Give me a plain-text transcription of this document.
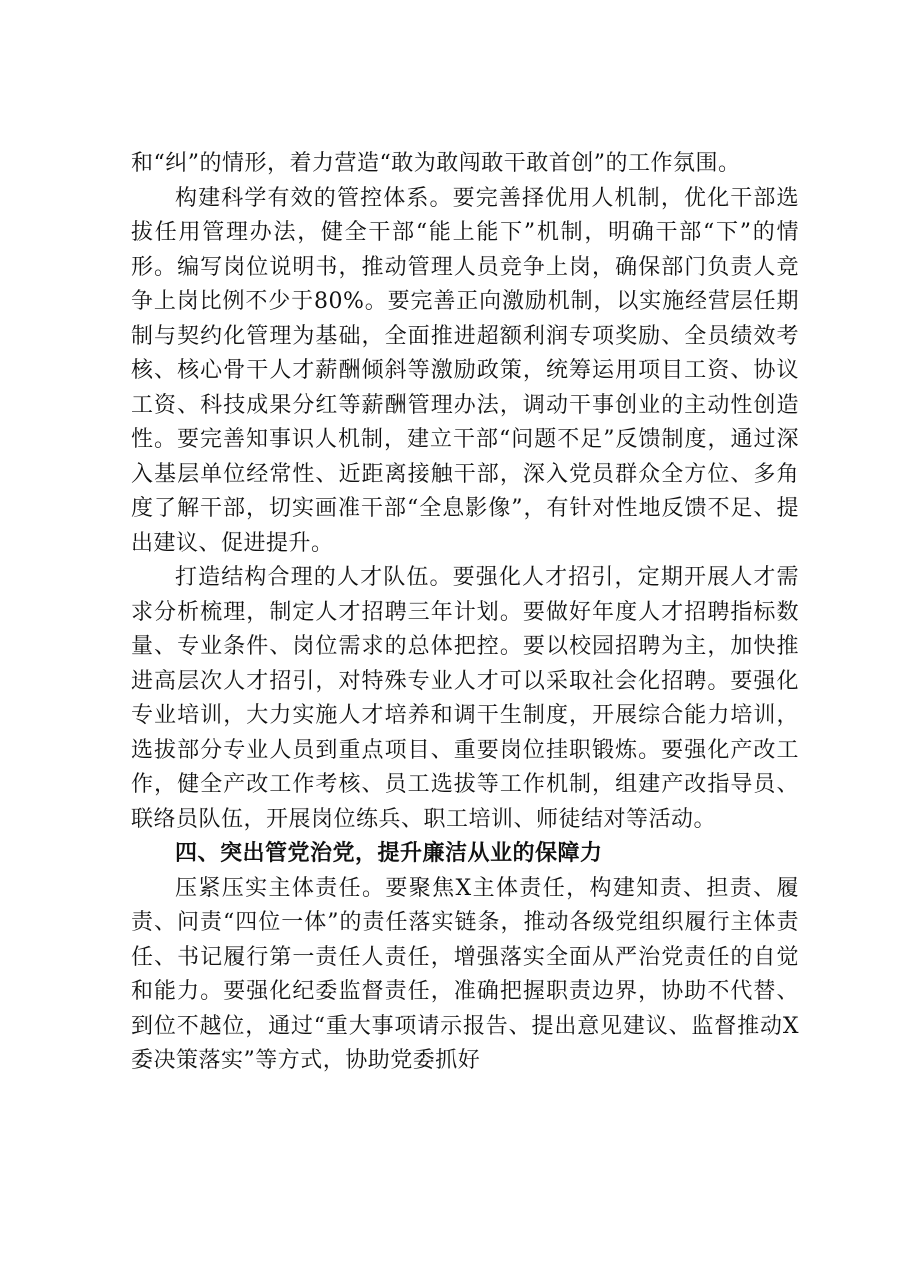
和“纠”的情形，着力营造“敢为敢闯敢干敢首创”的工作氛围。

构建科学有效的管控体系。要完善择优用人机制，优化干部选拔任用管理办法，健全干部“能上能下”机制，明确干部“下”的情形。编写岗位说明书，推动管理人员竞争上岗，确保部门负责人竞争上岗比例不少于80%。要完善正向激励机制，以实施经营层任期制与契约化管理为基础，全面推进超额利润专项奖励、全员绩效考核、核心骨干人才薪酬倾斜等激励政策，统筹运用项目工资、协议工资、科技成果分红等薪酬管理办法，调动干事创业的主动性创造性。要完善知事识人机制，建立干部“问题不足”反馈制度，通过深入基层单位经常性、近距离接触干部，深入党员群众全方位、多角度了解干部，切实画准干部“全息影像”，有针对性地反馈不足、提出建议、促进提升。

打造结构合理的人才队伍。要强化人才招引，定期开展人才需求分析梳理，制定人才招聘三年计划。要做好年度人才招聘指标数量、专业条件、岗位需求的总体把控。要以校园招聘为主，加快推进高层次人才招引，对特殊专业人才可以采取社会化招聘。要强化专业培训，大力实施人才培养和调干生制度，开展综合能力培训，选拔部分专业人员到重点项目、重要岗位挂职锻炼。要强化产改工作，健全产改工作考核、员工选拔等工作机制，组建产改指导员、联络员队伍，开展岗位练兵、职工培训、师徒结对等活动。

四、突出管党治党，提升廉洁从业的保障力

压紧压实主体责任。要聚焦X主体责任，构建知责、担责、履责、问责“四位一体”的责任落实链条，推动各级党组织履行主体责任、书记履行第一责任人责任，增强落实全面从严治党责任的自觉和能力。要强化纪委监督责任，准确把握职责边界，协助不代替、到位不越位，通过“重大事项请示报告、提出意见建议、监督推动X委决策落实”等方式，协助党委抓好
